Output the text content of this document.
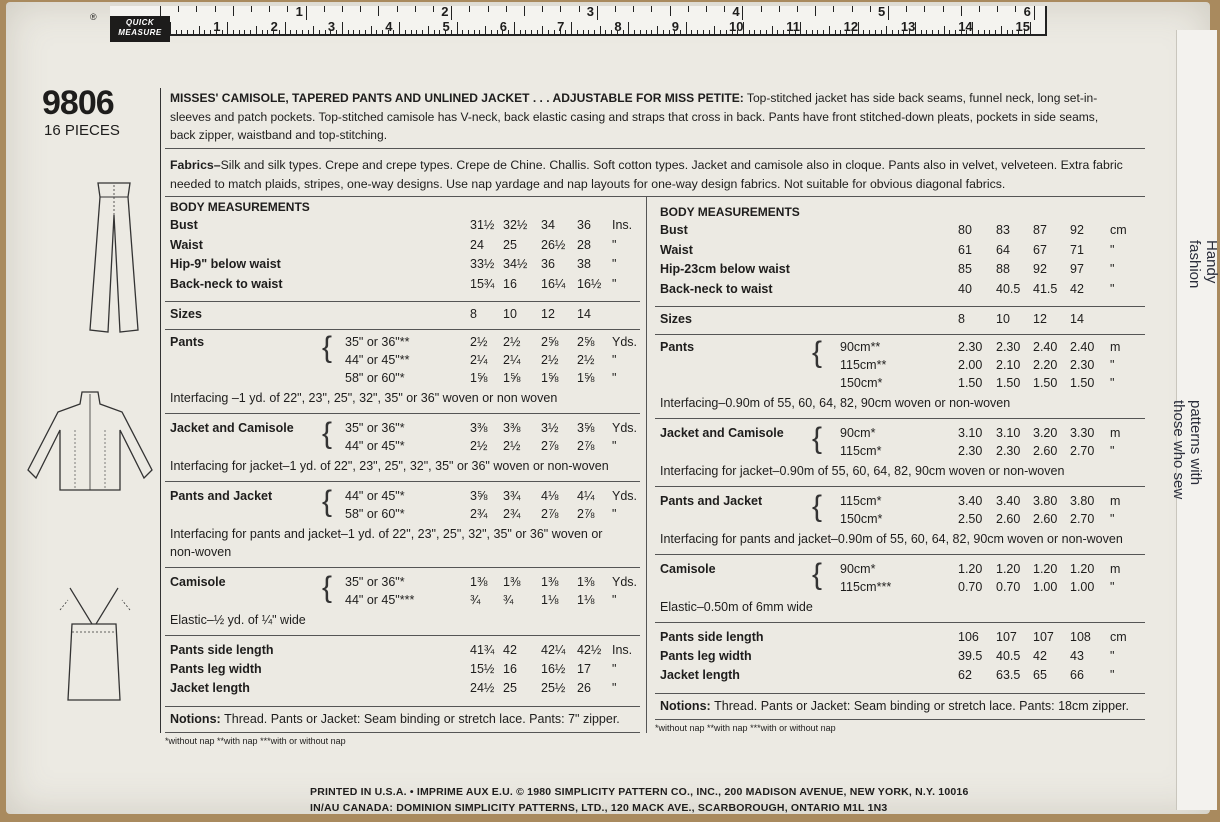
®	1	2	3	4	5	6
1	2	3	4	5	6	7	8	9	10	11	12	13	14	15
QUICK MEASURE
9806
16 PIECES
MISSES' CAMISOLE, TAPERED PANTS AND UNLINED JACKET . . . ADJUSTABLE FOR MISS PETITE: Top-stitched jacket has side back seams, funnel neck, long set-in-sleeves and patch pockets. Top-stitched camisole has V-neck, back elastic casing and straps that cross in back. Pants have front stitched-down pleats, pockets in side seams, back zipper, waistband and top-stitching.
Fabrics–Silk and silk types. Crepe and crepe types. Crepe de Chine. Challis. Soft cotton types. Jacket and camisole also in cloque. Pants also in velvet, velveteen. Extra fabric needed to match plaids, stripes, one-way designs. Use nap yardage and nap layouts for one-way design fabrics. Not suitable for obvious diagonal fabrics.
PRINTED IN U.S.A. • IMPRIME AUX E.U. © 1980 SIMPLICITY PATTERN CO., INC., 200 MADISON AVENUE, NEW YORK, N.Y. 10016
IN/AU CANADA: DOMINION SIMPLICITY PATTERNS, LTD., 120 MACK AVE., SCARBOROUGH, ONTARIO M1L 1N3
Handy
fashion
patterns with
those who sew
BODY MEASUREMENTS
Bust	31½ 32½ 34 36 Ins.
Waist	24 25 26½ 28 "
Hip-9" below waist	33½ 34½ 36 38 "
Back-neck to waist	15¾ 16 16¼ 16½ "
Sizes	8 10 12 14
Pants	{ 35" or 36"**	2½ 2½ 2⅝ 2⅝ Yds.
44" or 45"**	2¼ 2¼ 2½ 2½ "
58" or 60"*	1⅝ 1⅝ 1⅝ 1⅝ "
Interfacing –1 yd. of 22", 23", 25", 32", 35" or 36" woven or non woven
Jacket and Camisole { 35" or 36"*	3⅜ 3⅜ 3½ 3⅝ Yds.
44" or 45"*	2½ 2½ 2⅞ 2⅞ "
Interfacing for jacket–1 yd. of 22", 23", 25", 32", 35" or 36" woven or non-woven
Pants and Jacket { 44" or 45"*	3⅝ 3¾ 4⅛ 4¼ Yds.
58" or 60"*	2¾ 2¾ 2⅞ 2⅞ "
Interfacing for pants and jacket–1 yd. of 22", 23", 25", 32", 35" or 36" woven or
non-woven
Camisole	{ 35" or 36"*	1⅜ 1⅜ 1⅜ 1⅜ Yds.
44" or 45"***	¾ ¾ 1⅛ 1⅛ "
Elastic–½ yd. of ¼" wide
Pants side length	41¾ 42 42¼ 42½ Ins.
Pants leg width	15½ 16 16½ 17 "
Jacket length	24½ 25 25½ 26 "
Notions: Thread. Pants or Jacket: Seam binding or stretch lace. Pants: 7" zipper.
*without nap **with nap ***with or without nap
BODY MEASUREMENTS
Bust	80 83 87 92 cm
Waist	61 64 67 71 "
Hip-23cm below waist	85 88 92 97 "
Back-neck to waist	40 40.5 41.5 42 "
Sizes	8 10 12 14
Pants	{ 90cm**	2.30 2.30 2.40 2.40 m
115cm**	2.00 2.10 2.20 2.30 "
150cm*	1.50 1.50 1.50 1.50 "
Interfacing–0.90m of 55, 60, 64, 82, 90cm woven or non-woven
Jacket and Camisole { 90cm*	3.10 3.10 3.20 3.30 m
115cm*	2.30 2.30 2.60 2.70 "
Interfacing for jacket–0.90m of 55, 60, 64, 82, 90cm woven or non-woven
Pants and Jacket { 115cm*	3.40 3.40 3.80 3.80 m
150cm*	2.50 2.60 2.60 2.70 "
Interfacing for pants and jacket–0.90m of 55, 60, 64, 82, 90cm woven or non-woven
Camisole	{ 90cm*	1.20 1.20 1.20 1.20 m
115cm***	0.70 0.70 1.00 1.00 "
Elastic–0.50m of 6mm wide
Pants side length	106 107 107 108 cm
Pants leg width	39.5 40.5 42 43 "
Jacket length	62 63.5 65 66 "
Notions: Thread. Pants or Jacket: Seam binding or stretch lace. Pants: 18cm zipper.
*without nap **with nap ***with or without nap
